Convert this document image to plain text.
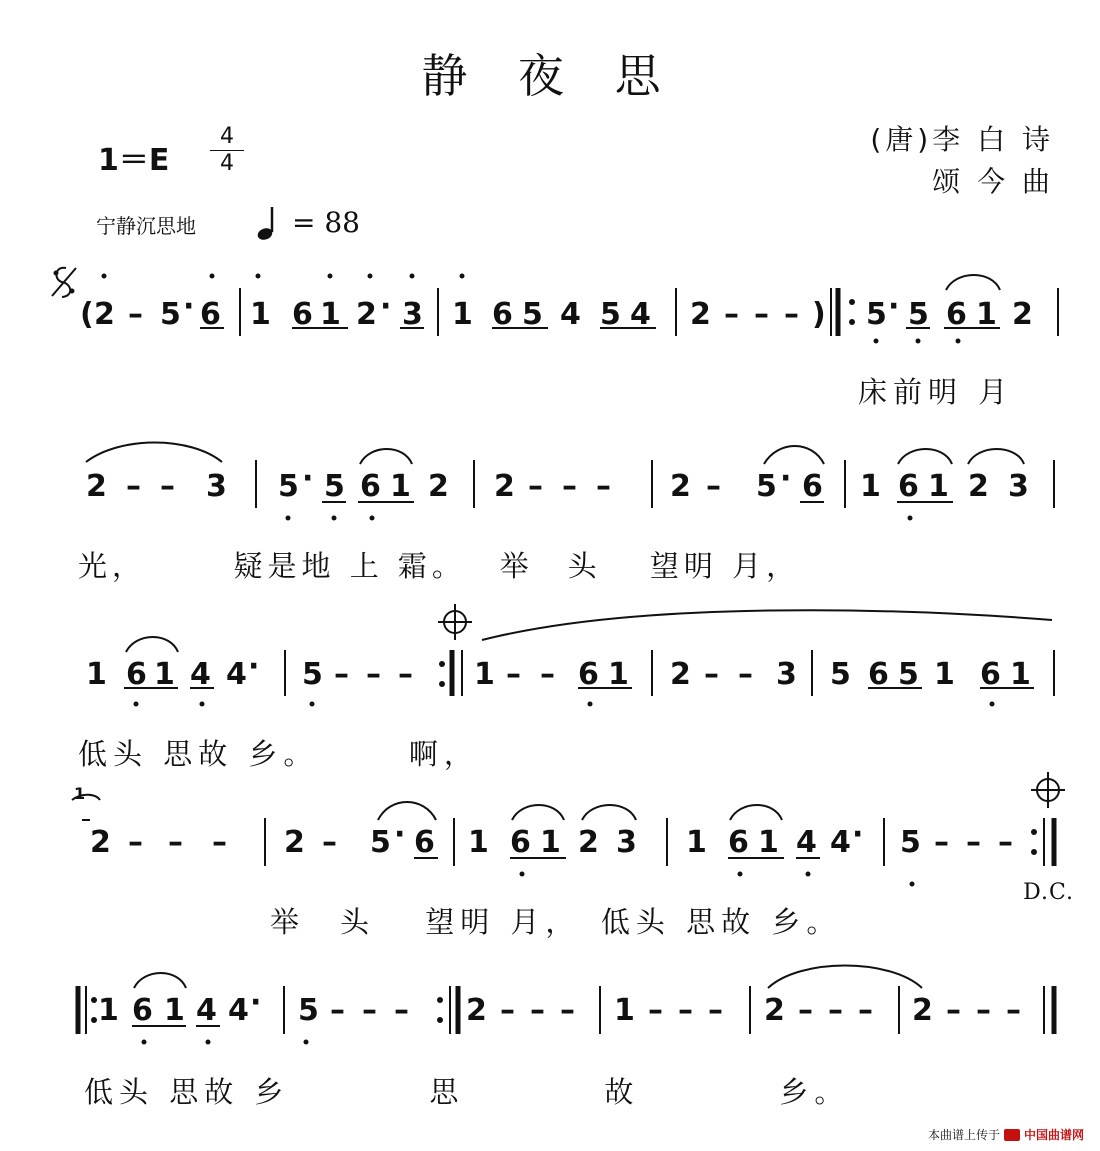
静 夜 思
1＝E
4
4
(唐)李 白 诗
颂 今 曲
宁静沉思地	= 88
( 2 – 5 · 6 1 6 1 2 · 3 1 6 5 4 5 4 2 – – – ) 5 · 5 6 1 2
2 – – 3 5 · 5 6 1 2 2 – – – 2 – 5 · 6 1 6 1 2 3
1 6 1 4 4 · 5 – – – 1 – – 6 1 2 – – 3 5 6 5 1 6 1
2 – – – 2 – 5 · 6 1 6 1 2 3 1 6 1 4 4 · 5 – – –
1 6 1 4 4 · 5 – – – 2 – – – 1 – – – 2 – – – 2 – – –
1
床前明 月
光，　　　疑是地 上 霜。　 举　头　 望明 月，
低头 思故 乡。　　　啊，
举　头　 望明 月，　低头 思故 乡。
低头 思故 乡　　　　思　　　　故　　　　乡。
D.C.
本曲谱上传于 中国曲谱网
